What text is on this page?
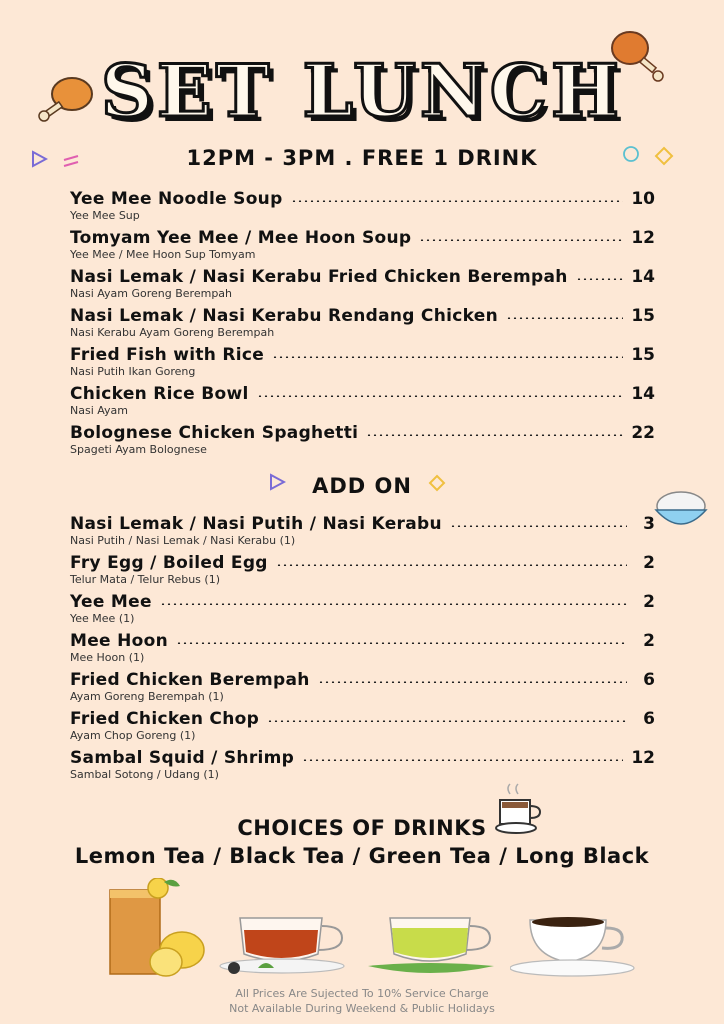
SET LUNCH
12PM - 3PM . FREE 1 DRINK
Yee Mee Noodle Soup	10
Yee Mee Sup
Tomyam Yee Mee / Mee Hoon Soup	12
Yee Mee / Mee Hoon Sup Tomyam
Nasi Lemak / Nasi Kerabu Fried Chicken Berempah	14
Nasi Ayam Goreng Berempah
Nasi Lemak / Nasi Kerabu Rendang Chicken	15
Nasi Kerabu Ayam Goreng Berempah
Fried Fish with Rice	15
Nasi Putih Ikan Goreng
Chicken Rice Bowl	14
Nasi Ayam
Bolognese Chicken Spaghetti	22
Spageti Ayam Bolognese
ADD ON
Nasi Lemak / Nasi Putih / Nasi Kerabu	3
Nasi Putih / Nasi Lemak / Nasi Kerabu (1)
Fry Egg / Boiled Egg	2
Telur Mata / Telur Rebus (1)
Yee Mee	2
Yee Mee (1)
Mee Hoon	2
Mee Hoon (1)
Fried Chicken Berempah	6
Ayam Goreng Berempah (1)
Fried Chicken Chop	6
Ayam Chop Goreng (1)
Sambal Squid / Shrimp	12
Sambal Sotong / Udang (1)
CHOICES OF DRINKS
Lemon Tea / Black Tea / Green Tea / Long Black
All Prices Are Sujected To 10% Service Charge
Not Available During Weekend & Public Holidays
